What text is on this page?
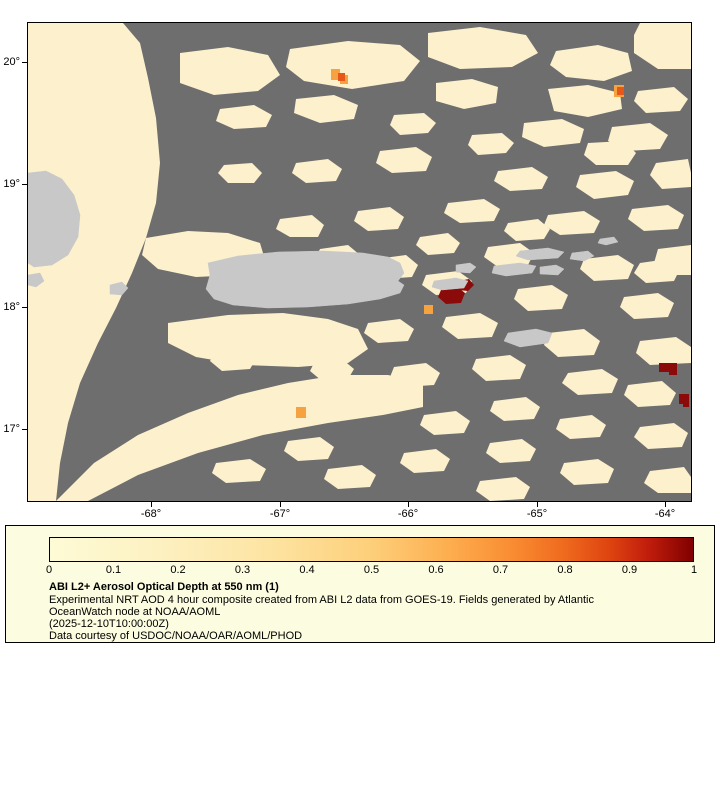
-68°	-67°	-66°	-65°	-64°
20°
19°
18°
17°
0	0.1	0.2	0.3	0.4	0.5	0.6	0.7	0.8	0.9	1
ABI L2+ Aerosol Optical Depth at 550 nm (1)
Experimental NRT AOD 4 hour composite created from ABI L2 data from GOES-19. Fields generated by Atlantic
OceanWatch node at NOAA/AOML
(2025-12-10T10:00:00Z)
Data courtesy of USDOC/NOAA/OAR/AOML/PHOD
